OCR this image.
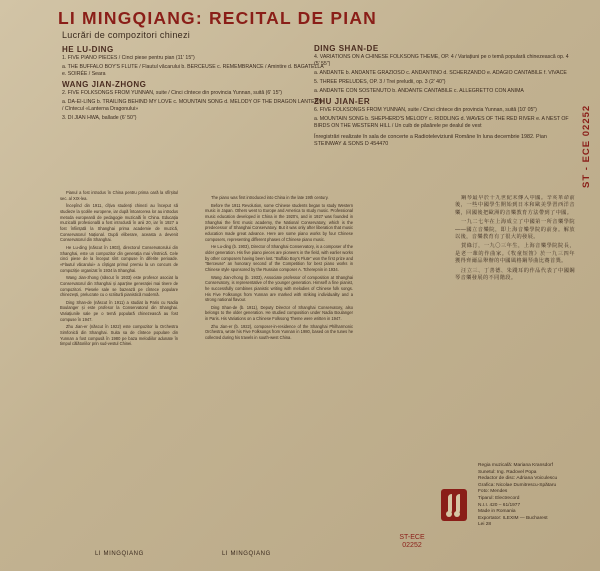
LI MINGQIANG: RECITAL DE PIAN
Lucrări de compozitori chinezi
HE LU-DING
1. FIVE PIANO PIECES / Cinci piese pentru pian (11' 15")
a. THE BUFFALO BOY'S FLUTE / Flautul văcarului b. BERCEUSE c. REMEMBRANCE / Amintire d. BAGATELLA e. SOIRÉE / Seara
WANG JIAN-ZHONG
2. FIVE FOLKSONGS FROM YUNNAN, suite / Cinci cîntece din provincia Yunnan, suită (6' 15")
a. DA-EI-LING b. TRAILING BEHIND MY LOVE c. MOUNTAIN SONG d. MELODY OF THE DRAGON LANTERN / Cîntecul «Lanterna Dragonului»
3. DI JIAN HWA, ballade (6' 50")
DING SHAN-DE
4. VARIATIONS ON A CHINESE FOLKSONG THEME, OP. 4 / Variațiuni pe o temă populară chinezească op. 4 (5' 55")
a. ANDANTE b. ANDANTE GRAZIOSO c. ANDANTINO d. SCHERZANDO e. ADAGIO CANTABILE f. VIVACE
5. THREE PRELUDES, OP. 3 / Trei preludii, op. 3 (2' 40")
a. ANDANTE CON SOSTENUTO b. ANDANTE CANTABILE c. ALLEGRETTO CON ANIMA
ZHU JIAN-ER
6. FIVE FOLKSONGS FROM YUNNAN, suite / Cinci cîntece din provincia Yunnan, suită (10' 05")
a. MOUNTAIN SONG b. SHEPHERD'S MELODY c. RIDDLING d. WAVES OF THE RED RIVER e. A NEST OF BIRDS ON THE WESTERN HILL / Un cuib de păsărele pe dealul de vest
Înregistrări realizate în sala de concerte a Radioteleviziunii Române în luna decembrie 1982. Pian STEINWAY & SONS D 454470

Pianul a fost introdus în China pentru prima oară la sfîrșitul sec. al XIX-lea.

Începînd din 1911, cîțiva studenți chinezi au început să studieze la școlile europene, iar după întoarcerea lor au introdus metoda europeană de pedagogie muzicală în China. Educația muzicală profesională a fost introdusă în anii 20, iar în 1927 a fost înființată la Shanghai prima academie de muzică, Conservatorul Național. După eliberare, aceasta a devenit Conservatorul din Shanghai.

He Lu-ding (născut în 1903), directorul Conservatorului din Shanghai, este un compozitor din generația mai vîrstnică. Cele cinci piese de la început sînt compuse în diferite perioade. «Flautul văcarului» a cîștigat primul premiu la un concurs de compoziție organizat în 1934 la Shanghai.

Wang Jian-zhong (născut în 1933) este profesor asociat la Conservatorul din Shanghai și aparține generației mai tinere de compozitori. Piesele sale se bazează pe cîntece populare chinezești, prelucrate cu o scriitură pianistică modernă.

Ding Shan-de (născut în 1911) a studiat la Paris cu Nadia Boulanger și este profesor la Conservatorul din Shanghai. Variațiunile sale pe o temă populară chinezească au fost compuse în 1947.

Zhu Jian-er (născut în 1922) este compozitor la Orchestra Simfonică din Shanghai. Suita sa de cîntece populare din Yunnan a fost compusă în 1980 pe baza melodiilor adunate în timpul călătoriilor prin sud-vestul Chinei.

The piano was first introduced into China in the late 19th century.

Before the 1911 Revolution, some Chinese students began to study Western music in Japan. Others went to Europe and America to study music. Professional music education developed in China in the 1920's, and in 1927 was founded in Shanghai the first music academy, the National Conservatory, which is the predecessor of Shanghai Conservatory. But it was only after liberation that music education made great advance. Here are some piano works by four Chinese composers, representing different phases of Chinese piano music.

He Lu-ding (b. 1903), Director of Shanghai Conservatory, is a composer of the older generation. His five piano pieces are pioneers in the field, with earlier works by other composers having been lost. "Buffalo Boy's Flute" won the first prize and "Berceuse" an honorary second of the Competition for best piano works in Chinese style sponsored by the Russian composer A. Tcherepnin in 1934.

Wang Jian-zhong (b. 1933), Associate professor of composition at Shanghai Conservatory, is representative of the younger generation. Himself a fine pianist, he successfully combines pianistic writing with melodies of Chinese folk songs. His Five Folksongs from Yunnan are marked with striking individuality and a strong national flavour.

Ding Shan-de (b. 1911), Deputy Director of Shanghai Conservatory, also belongs to the older generation. He studied composition under Nadia Boulanger in Paris. His Variations on a Chinese Folksong Theme were written in 1947.

Zhu Jian-er (b. 1922), composer-in-residence of the Shanghai Philharmonic Orchestra, wrote his Five Folksongs from Yunnan in 1980, based on the tunes he collected during his travels in south-west China.

鋼琴最早於十九世紀末傳入中國。辛亥革命前後，一些中國學生開始到日本和歐美學習西洋音樂，回國後把歐洲的音樂教育方法帶到了中國。

一九二七年在上海成立了中國第一所音樂學院——國立音樂院，即上海音樂學院的前身。解放以後，音樂教育有了很大的發展。

賀綠汀，一九〇三年生，上海音樂學院院長，是老一輩的作曲家。《牧童短笛》於一九三四年獲得齊爾品舉辦的中國風格鋼琴曲比賽首獎。

汪立三、丁善德、朱踐耳的作品代表了中國鋼琴音樂發展的不同階段。

ST - ECE 02252
ST-ECE
02252
Regia muzicală: Mariana Kransdorf
Sunetul: Ing. Radovel Popa
Redactor de disc: Adriana Voiculescu
Grafica: Nicolae Dumitrescu-Spătaru
Foto: Mendes
Tiparul: Electrecord
N.I.I. 420 – 61/1977
Made in Romania
Exportator: ILEXIM — Bucharest
Lei 28
LI MINGQIANG	LI MINGQIANG
